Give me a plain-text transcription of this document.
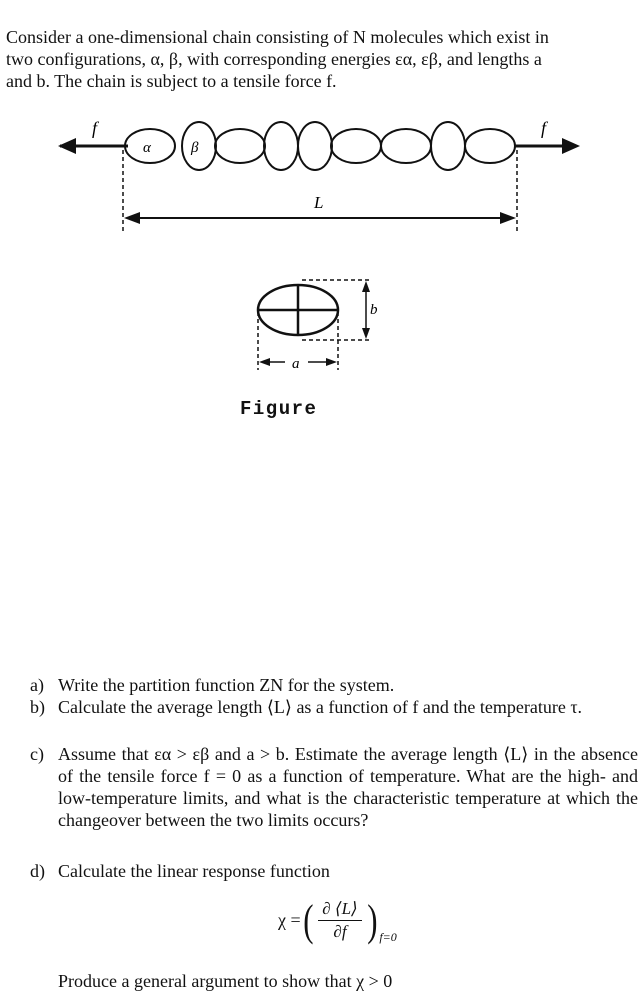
Consider a one-dimensional chain consisting of N molecules which exist in

two configurations, α, β, with corresponding energies εα, εβ, and lengths a

and b. The chain is subject to a tensile force f.

f
α	β
f
L
b
a
Figure
a) Write the partition function ZN for the system.
b) Calculate the average length ⟨L⟩ as a function of f and the temperature τ.
c) Assume that εα > εβ and a > b. Estimate the average length ⟨L⟩ in the absence of the tensile force f = 0 as a function of temperature. What are the high- and low-temperature limits, and what is the characteristic temperature at which the changeover between the two limits occurs?
d) Calculate the linear response function
χ = ( $\frac{\partial ⟨L⟩}{\partial f}$ ) f=0
Produce a general argument to show that χ > 0
